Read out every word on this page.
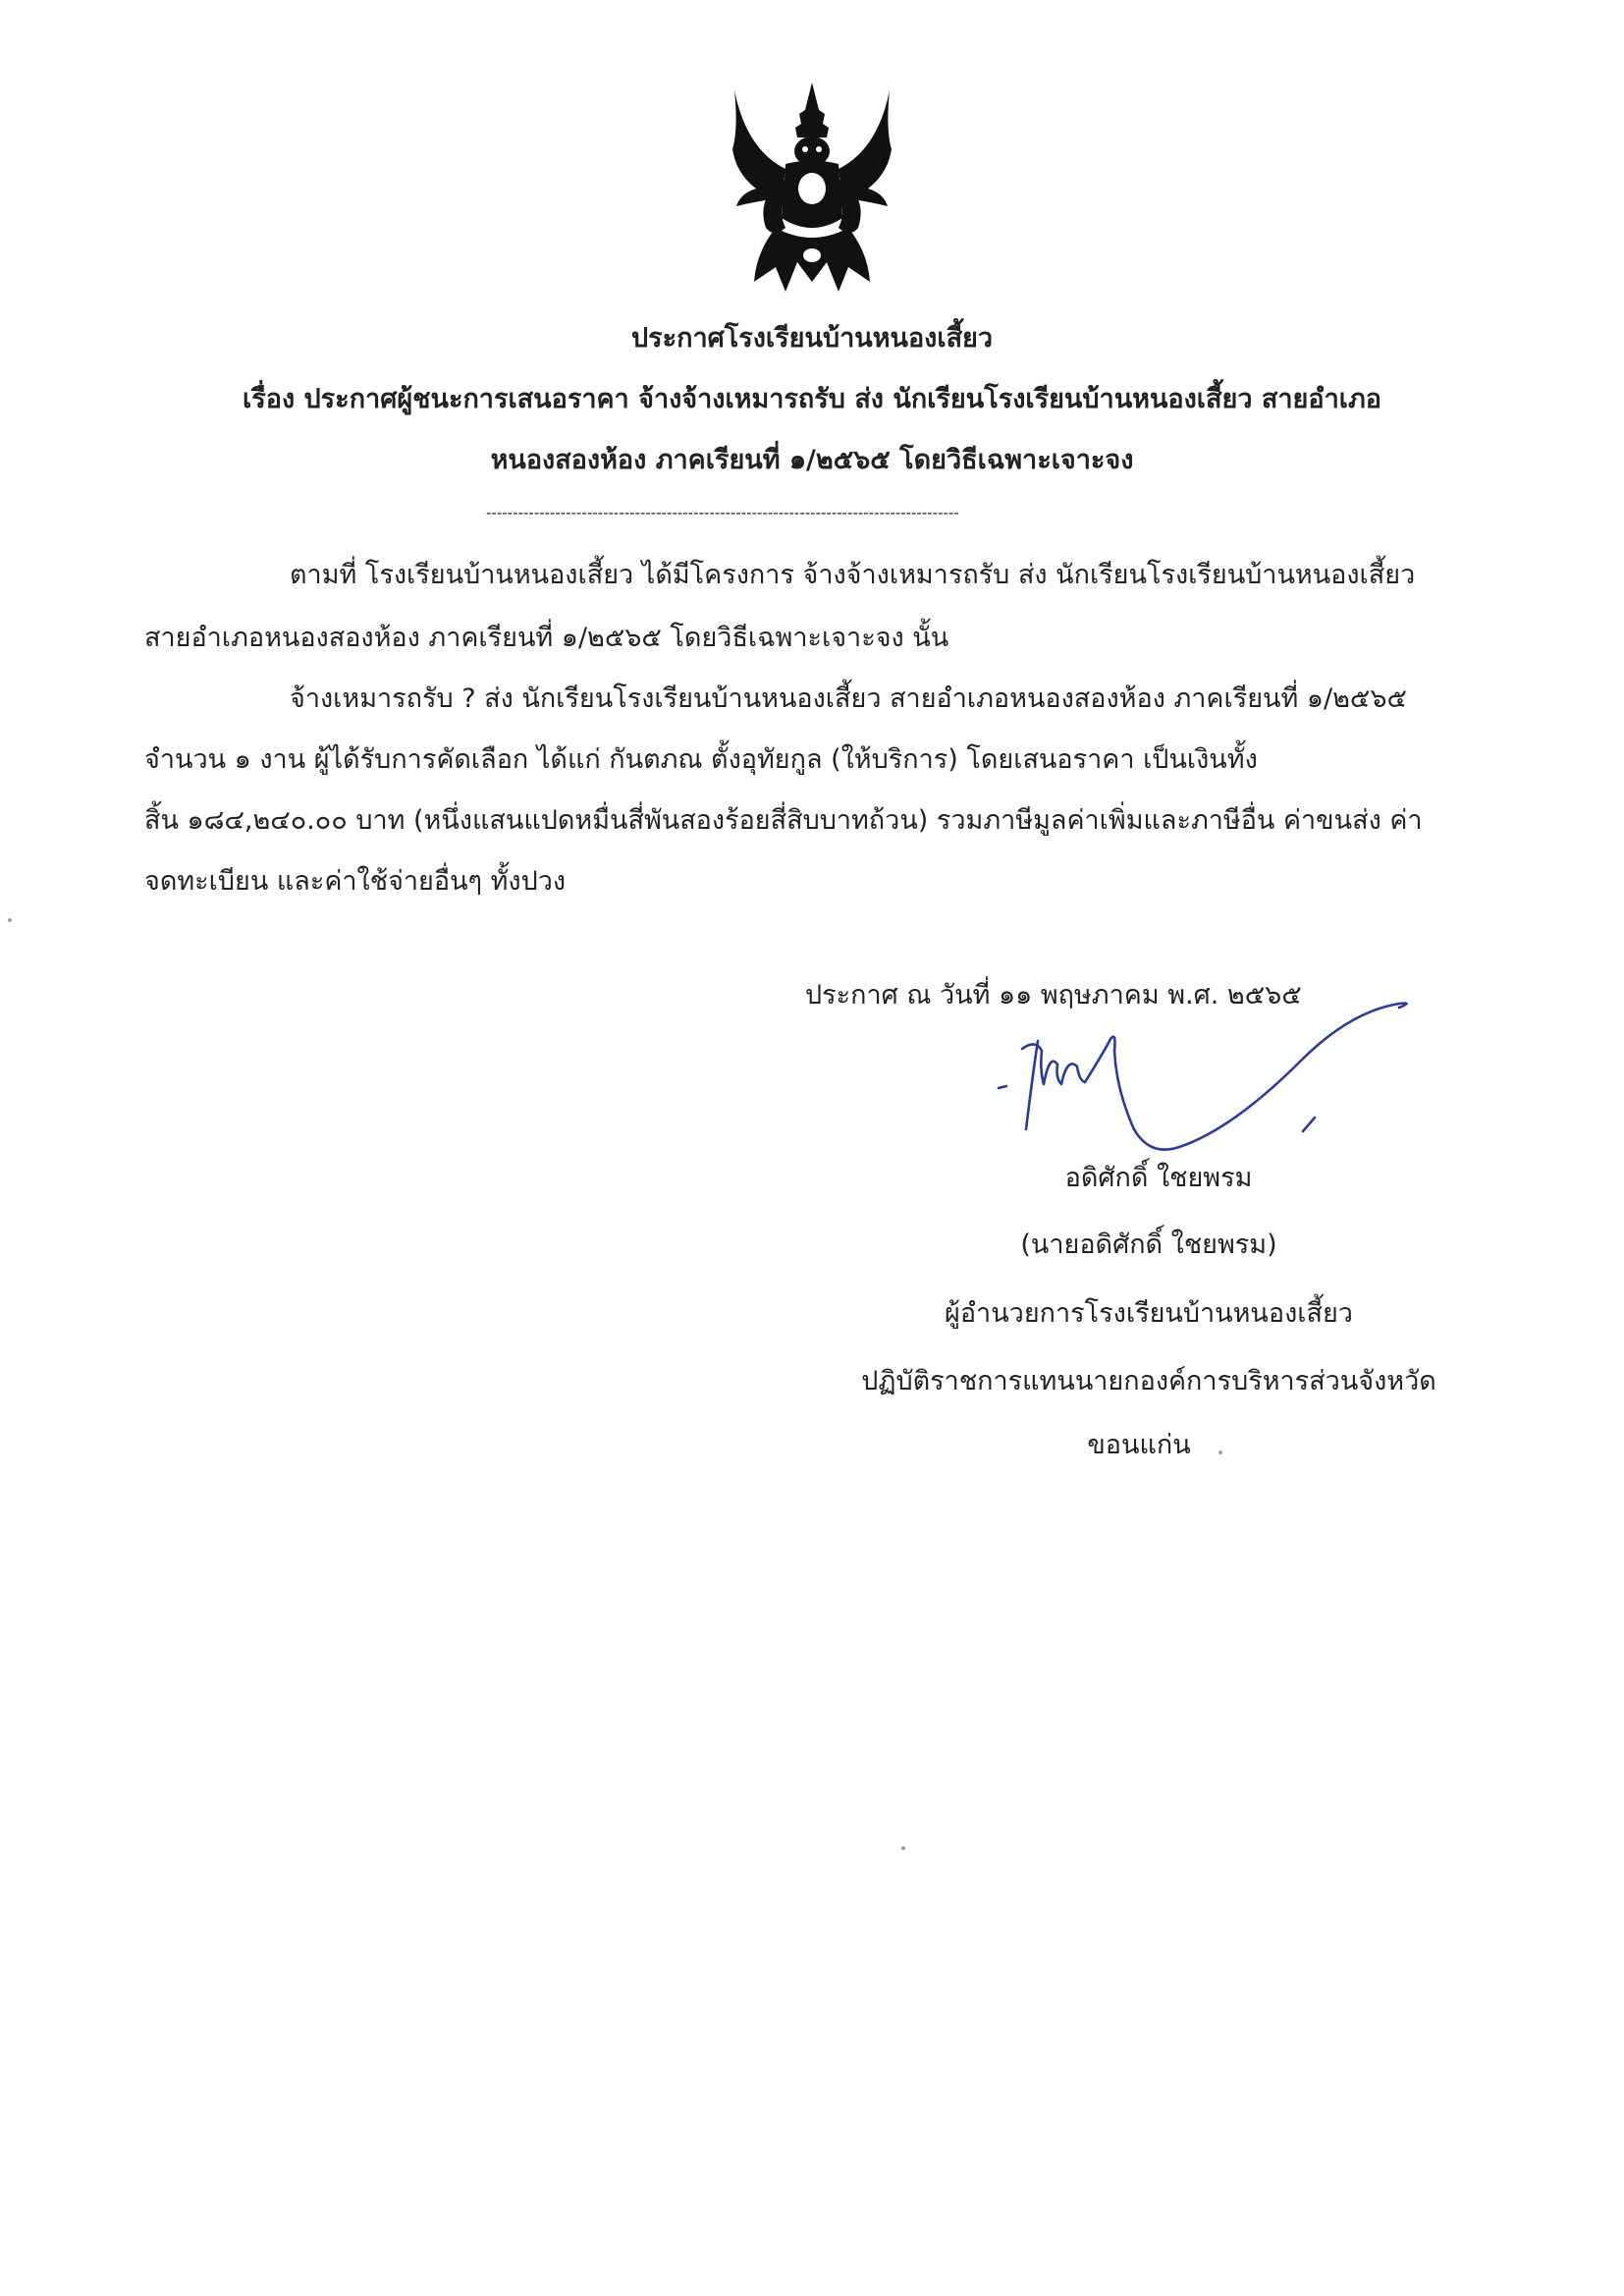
ประกาศโรงเรียนบ้านหนองเสี้ยว
เรื่อง ประกาศผู้ชนะการเสนอราคา จ้างจ้างเหมารถรับ ส่ง นักเรียนโรงเรียนบ้านหนองเสี้ยว สายอำเภอ
หนองสองห้อง ภาคเรียนที่ ๑/๒๕๖๕ โดยวิธีเฉพาะเจาะจง
-----------------------------------------------------------------------------------------
ตามที่ โรงเรียนบ้านหนองเสี้ยว ได้มีโครงการ จ้างจ้างเหมารถรับ ส่ง นักเรียนโรงเรียนบ้านหนองเสี้ยว
สายอำเภอหนองสองห้อง ภาคเรียนที่ ๑/๒๕๖๕ โดยวิธีเฉพาะเจาะจง นั้น
จ้างเหมารถรับ ? ส่ง นักเรียนโรงเรียนบ้านหนองเสี้ยว สายอำเภอหนองสองห้อง ภาคเรียนที่ ๑/๒๕๖๕
จำนวน ๑ งาน ผู้ได้รับการคัดเลือก ได้แก่ กันตภณ ตั้งอุทัยกูล (ให้บริการ) โดยเสนอราคา เป็นเงินทั้ง
สิ้น ๑๘๔,๒๔๐.๐๐ บาท (หนึ่งแสนแปดหมื่นสี่พันสองร้อยสี่สิบบาทถ้วน) รวมภาษีมูลค่าเพิ่มและภาษีอื่น ค่าขนส่ง ค่า
จดทะเบียน และค่าใช้จ่ายอื่นๆ ทั้งปวง
ประกาศ ณ วันที่ ๑๑ พฤษภาคม พ.ศ. ๒๕๖๕
อดิศักดิ์ ใชยพรม
(นายอดิศักดิ์ ใชยพรม)
ผู้อำนวยการโรงเรียนบ้านหนองเสี้ยว
ปฏิบัติราชการแทนนายกองค์การบริหารส่วนจังหวัด
ขอนแก่น
